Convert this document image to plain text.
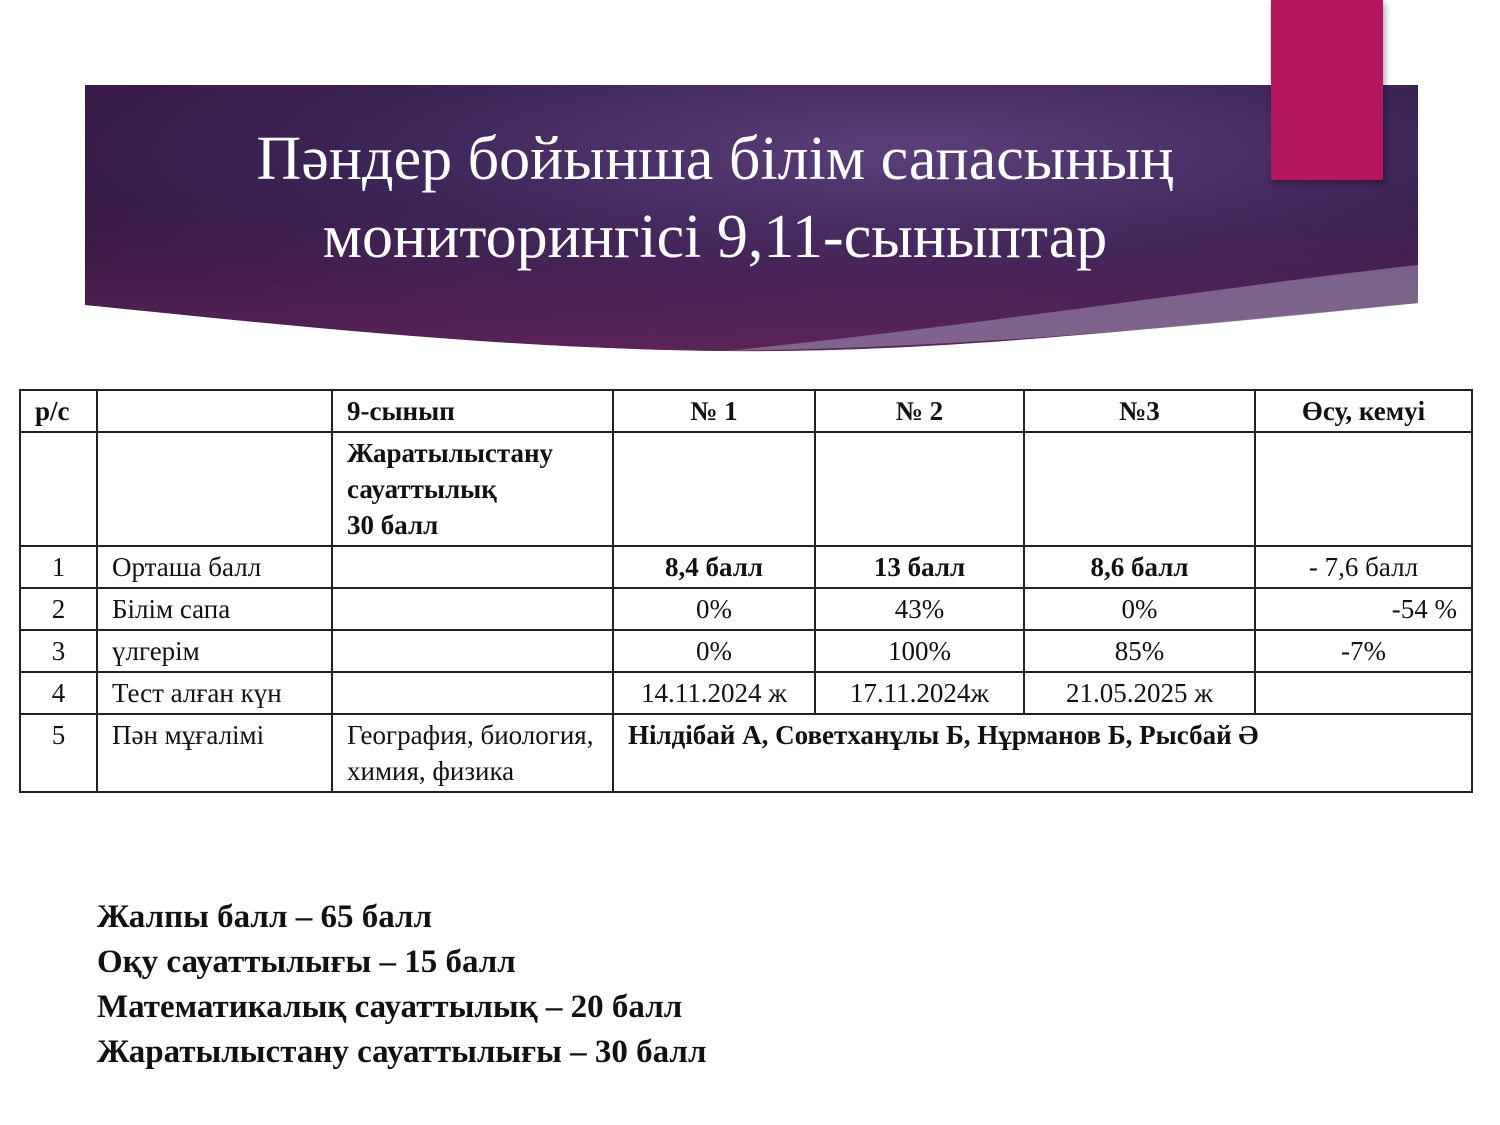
Пәндер бойынша білім сапасының
мониторингісі 9,11-сыныптар
р/с		9-сынып	№ 1	№ 2	№3	Өсу, кемуі

		Жаратылыстану
сауаттылық
30 балл				

1	Орташа балл		8,4 балл	13 балл	8,6 балл	- 7,6 балл
2	Білім сапа		0%	43%	0%	-54 %
3	үлгерім		0%	100%	85%	-7%
4	Тест алған күн		14.11.2024 ж	17.11.2024ж	21.05.2025 ж	
5	Пән мұғалімі	География, биология, химия, физика	Нілдібай А, Советханұлы Б, Нұрманов Б, Рысбай Ә			
Жалпы балл – 65 балл
Оқу сауаттылығы – 15 балл
Математикалық сауаттылық – 20 балл
Жаратылыстану сауаттылығы – 30 балл
